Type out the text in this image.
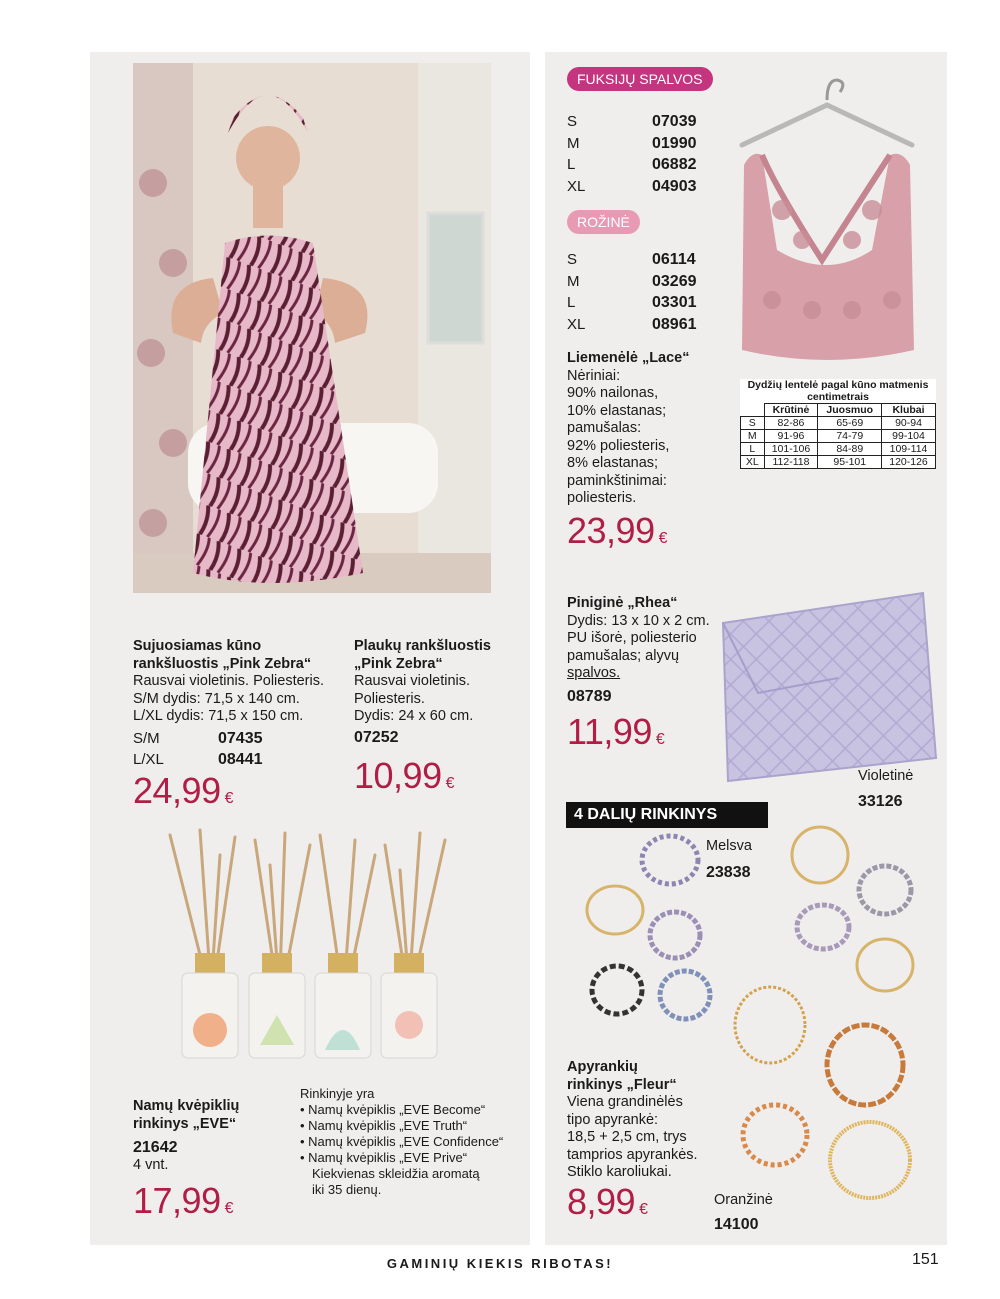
Sujuosiamas kūno
rankšluostis „Pink Zebra“
Rausvai violetinis. Poliesteris.
S/M dydis: 71,5 x 140 cm.
L/XL dydis: 71,5 x 150 cm.
S/M	07435
L/XL	08441
24,99 €
Plaukų rankšluostis
„Pink Zebra“
Rausvai violetinis.
Poliesteris.
Dydis: 24 x 60 cm.
07252
10,99 €
Namų kvėpiklių
rinkinys „EVE“
21642
4 vnt.
17,99 €
Rinkinyje yra
• Namų kvėpiklis „EVE Become“
• Namų kvėpiklis „EVE Truth“
• Namų kvėpiklis „EVE Confidence“
• Namų kvėpiklis „EVE Prive“
Kiekvienas skleidžia aromatą
iki 35 dienų.
FUKSIJŲ SPALVOS
S	07039
M	01990
L	06882
XL	04903
ROŽINĖ
S	06114
M	03269
L	03301
XL	08961
Liemenėlė „Lace“
Nėriniai:
90% nailonas,
10% elastanas;
pamušalas:
92% poliesteris,
8% elastanas;
paminkštinimai:
poliesteris.
23,99 €
Dydžių lentelė pagal kūno matmenis
centimetrais
	Krūtinė	Juosmuo	Klubai
S	82-86	65-69	90-94
M	91-96	74-79	99-104
L	101-106	84-89	109-114
XL	112-118	95-101	120-126
Piniginė „Rhea“
Dydis: 13 x 10 x 2 cm.
PU išorė, poliesterio
pamušalas; alyvų
spalvos.
08789
11,99 €
Violetinė
33126
4 DALIŲ RINKINYS
Melsva
23838
Apyrankių
rinkinys „Fleur“
Viena grandinėlės
tipo apyrankė:
18,5 + 2,5 cm, trys
tamprios apyrankės.
Stiklo karoliukai.
8,99 €
Oranžinė
14100
GAMINIŲ KIEKIS RIBOTAS!	151
